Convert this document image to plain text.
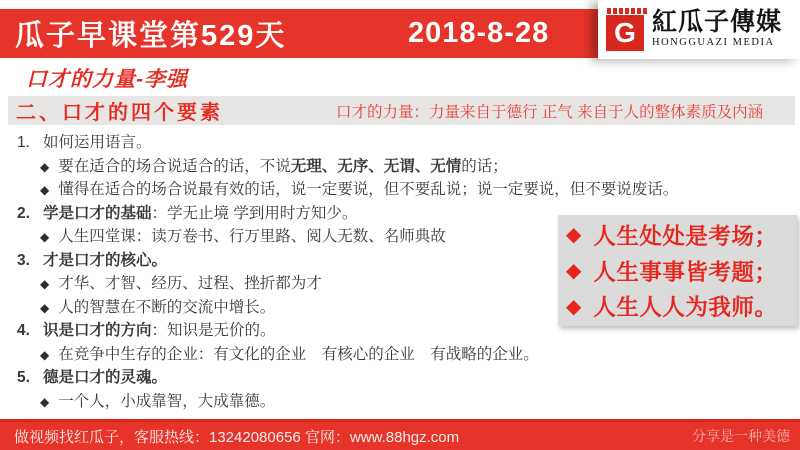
瓜子早课堂第529天	2018-8-28 G 紅瓜子傳媒
HONGGUAZI MEDIA
口才的力量-李强
二、口才的四个要素	口才的力量：力量来自于德行 正气 来自于人的整体素质及内涵
1. 如何运用语言。
◆ 要在适合的场合说适合的话，不说无理、无序、无谓、无情的话；
◆ 懂得在适合的场合说最有效的话，说一定要说，但不要乱说；说一定要说，但不要说废话。
2. 学是口才的基础：学无止境 学到用时方知少。
◆ 人生四堂课：读万卷书、行万里路、阅人无数、名师典故
3. 才是口才的核心。
◆ 才华、才智、经历、过程、挫折都为才
◆ 人的智慧在不断的交流中增长。
4. 识是口才的方向：知识是无价的。
◆ 在竞争中生存的企业：有文化的企业　有核心的企业　有战略的企业。
5. 德是口才的灵魂。
◆ 一个人，小成靠智，大成靠德。
◆ 人生处处是考场；
◆ 人生事事皆考题；
◆ 人生人人为我师。
做视频找红瓜子，客服热线：13242080656 官网：www.88hgz.com	分享是一种美德
